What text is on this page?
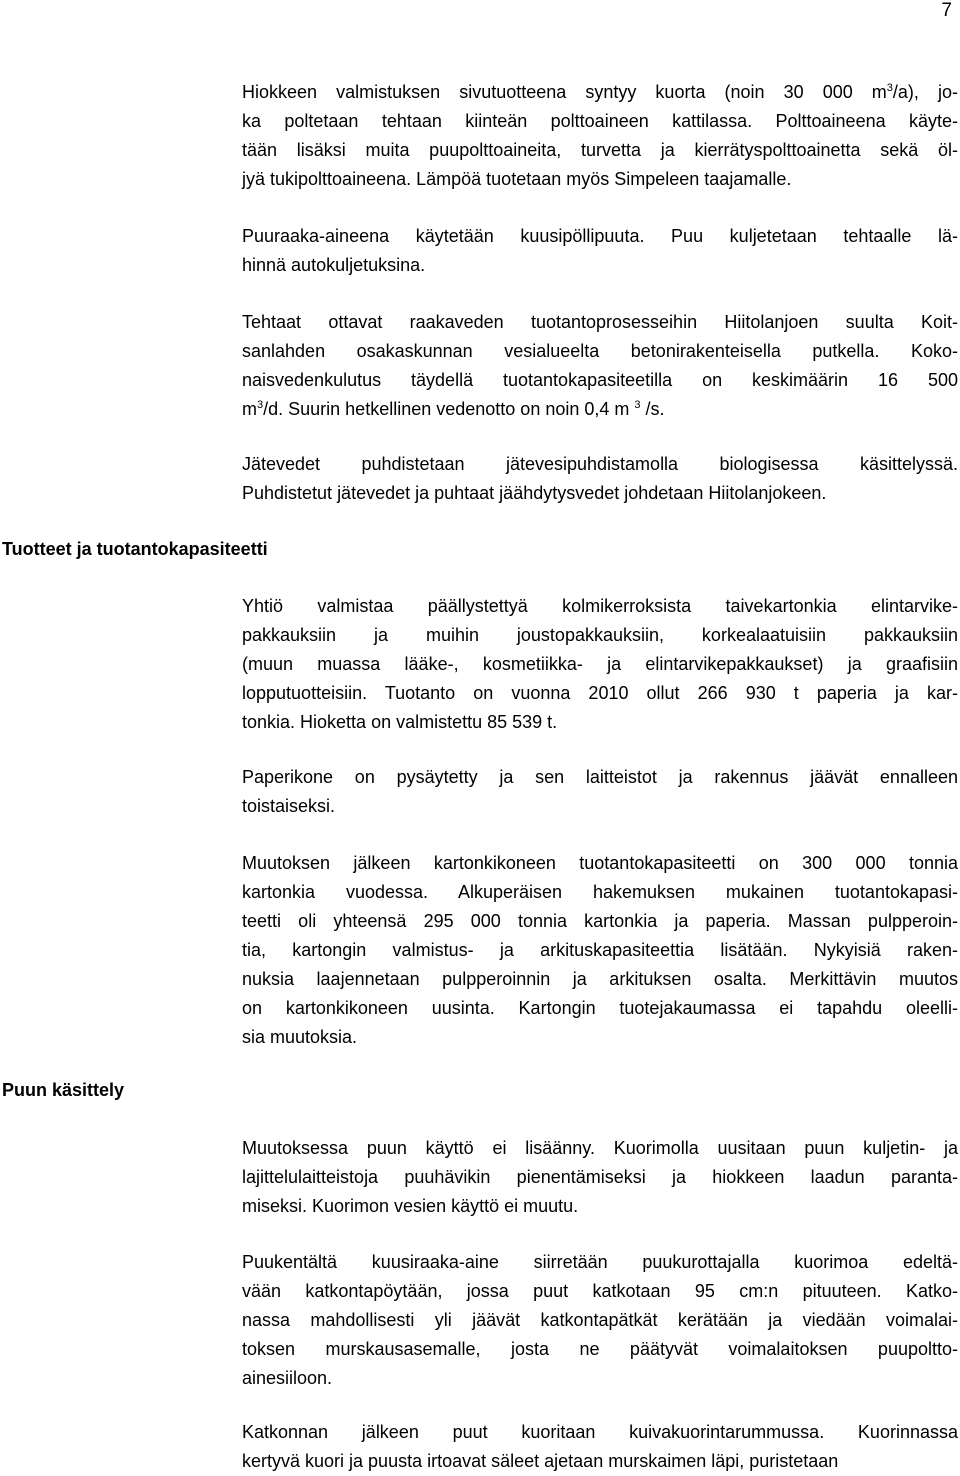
7
Tuotteet ja tuotantokapasiteetti
Puun käsittely
Hiokkeen valmistuksen sivutuotteena syntyy kuorta (noin 30 000 $m^3/a$), jo-
ka poltetaan tehtaan kiinteän polttoaineen kattilassa. Polttoaineena käyte-
tään lisäksi muita puupolttoaineita, turvetta ja kierrätyspolttoainetta sekä öl-
jyä tukipolttoaineena. Lämpöä tuotetaan myös Simpeleen taajamalle.
Puuraaka-aineena käytetään kuusipöllipuuta. Puu kuljetetaan tehtaalle lä-
hinnä autokuljetuksina.
Tehtaat ottavat raakaveden tuotantoprosesseihin Hiitolanjoen suulta Koit-
sanlahden osakaskunnan vesialueelta betonirakenteisella putkella. Koko-
naisvedenkulutus täydellä tuotantokapasiteetilla on keskimäärin 16 500
$m^3/d$. Suurin hetkellinen vedenotto on noin 0,4 m $^3$ /s.
Jätevedet puhdistetaan jätevesipuhdistamolla biologisessa käsittelyssä.
Puhdistetut jätevedet ja puhtaat jäähdytysvedet johdetaan Hiitolanjokeen.
Yhtiö valmistaa päällystettyä kolmikerroksista taivekartonkia elintarvike-
pakkauksiin ja muihin joustopakkauksiin, korkealaatuisiin pakkauksiin
(muun muassa lääke-, kosmetiikka- ja elintarvikepakkaukset) ja graafisiin
lopputuotteisiin. Tuotanto on vuonna 2010 ollut 266 930 t paperia ja kar-
tonkia. Hioketta on valmistettu 85 539 t.
Paperikone on pysäytetty ja sen laitteistot ja rakennus jäävät ennalleen
toistaiseksi.
Muutoksen jälkeen kartonkikoneen tuotantokapasiteetti on 300 000 tonnia
kartonkia vuodessa. Alkuperäisen hakemuksen mukainen tuotantokapasi-
teetti oli yhteensä 295 000 tonnia kartonkia ja paperia. Massan pulpperoin-
tia, kartongin valmistus- ja arkituskapasiteettia lisätään. Nykyisiä raken-
nuksia laajennetaan pulpperoinnin ja arkituksen osalta. Merkittävin muutos
on kartonkikoneen uusinta. Kartongin tuotejakaumassa ei tapahdu oleelli-
sia muutoksia.
Muutoksessa puun käyttö ei lisäänny. Kuorimolla uusitaan puun kuljetin- ja
lajittelulaitteistoja puuhävikin pienentämiseksi ja hiokkeen laadun paranta-
miseksi. Kuorimon vesien käyttö ei muutu.
Puukentältä kuusiraaka-aine siirretään puukurottajalla kuorimoa edeltä-
vään katkontapöytään, jossa puut katkotaan 95 cm:n pituuteen. Katko-
nassa mahdollisesti yli jäävät katkontapätkät kerätään ja viedään voimalai-
toksen murskausasemalle, josta ne päätyvät voimalaitoksen puupoltto-
ainesiiloon.
Katkonnan jälkeen puut kuoritaan kuivakuorintarummussa. Kuorinnassa
kertyvä kuori ja puusta irtoavat säleet ajetaan murskaimen läpi, puristetaan
